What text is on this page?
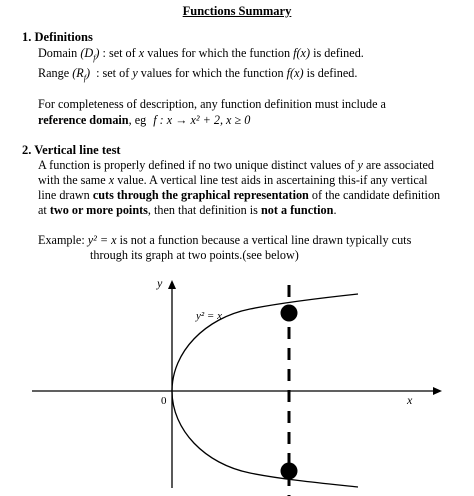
Functions Summary
1. Definitions
Domain $(D_f)$ : set of x values for which the function f(x) is defined.
Range $(R_f)$ : set of y values for which the function f(x) is defined.
For completeness of description, any function definition must include a
reference domain, eg f : x → x² + 2, x ≥ 0
2. Vertical line test
A function is properly defined if no two unique distinct values of y are associated
with the same x value. A vertical line test aids in ascertaining this-if any vertical
line drawn cuts through the graphical representation of the candidate definition
at two or more points, then that definition is not a function.
Example: y² = x is not a function because a vertical line drawn typically cuts
through its graph at two points.(see below)
y
x
0
y² = x
